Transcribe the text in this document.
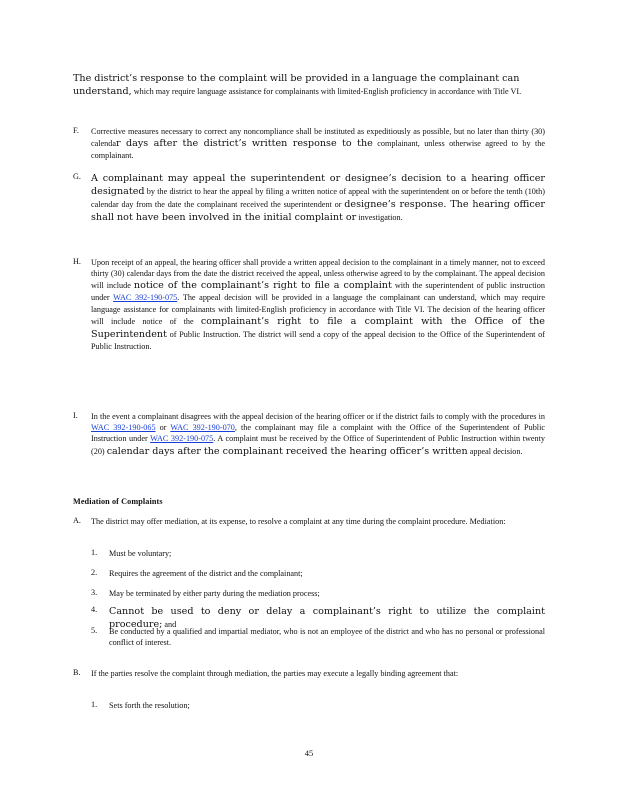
The district’s response to the complaint will be provided in a language the complainant can understand, which may require language assistance for complainants with limited-English proficiency in accordance with Title VI.
F. Corrective measures necessary to correct any noncompliance shall be instituted as expeditiously as possible, but no later than thirty (30) calendar days after the district’s written response to the complainant, unless otherwise agreed to by the complainant.
G. A complainant may appeal the superintendent or designee’s decision to a hearing officer designated by the district to hear the appeal by filing a written notice of appeal with the superintendent on or before the tenth (10th) calendar day from the date the complainant received the superintendent or designee’s response. The hearing officer shall not have been involved in the initial complaint or investigation.
H. Upon receipt of an appeal, the hearing officer shall provide a written appeal decision to the complainant in a timely manner, not to exceed thirty (30) calendar days from the date the district received the appeal, unless otherwise agreed to by the complainant. The appeal decision will include notice of the complainant’s right to file a complaint with the superintendent of public instruction under WAC 392-190-075. The appeal decision will be provided in a language the complainant can understand, which may require language assistance for complainants with limited-English proficiency in accordance with Title VI. The decision of the hearing officer will include notice of the complainant’s right to file a complaint with the Office of the Superintendent of Public Instruction. The district will send a copy of the appeal decision to the Office of the Superintendent of Public Instruction.
I. In the event a complainant disagrees with the appeal decision of the hearing officer or if the district fails to comply with the procedures in WAC 392-190-065 or WAC 392-190-070, the complainant may file a complaint with the Office of the Superintendent of Public Instruction under WAC 392-190-075. A complaint must be received by the Office of Superintendent of Public Instruction within twenty (20) calendar days after the complainant received the hearing officer’s written appeal decision.
Mediation of Complaints
A. The district may offer mediation, at its expense, to resolve a complaint at any time during the complaint procedure. Mediation:
1. Must be voluntary;
2. Requires the agreement of the district and the complainant;
3. May be terminated by either party during the mediation process;
4. Cannot be used to deny or delay a complainant’s right to utilize the complaint procedure; and
5. Be conducted by a qualified and impartial mediator, who is not an employee of the district and who has no personal or professional conflict of interest.
B. If the parties resolve the complaint through mediation, the parties may execute a legally binding agreement that:
1. Sets forth the resolution;
45
